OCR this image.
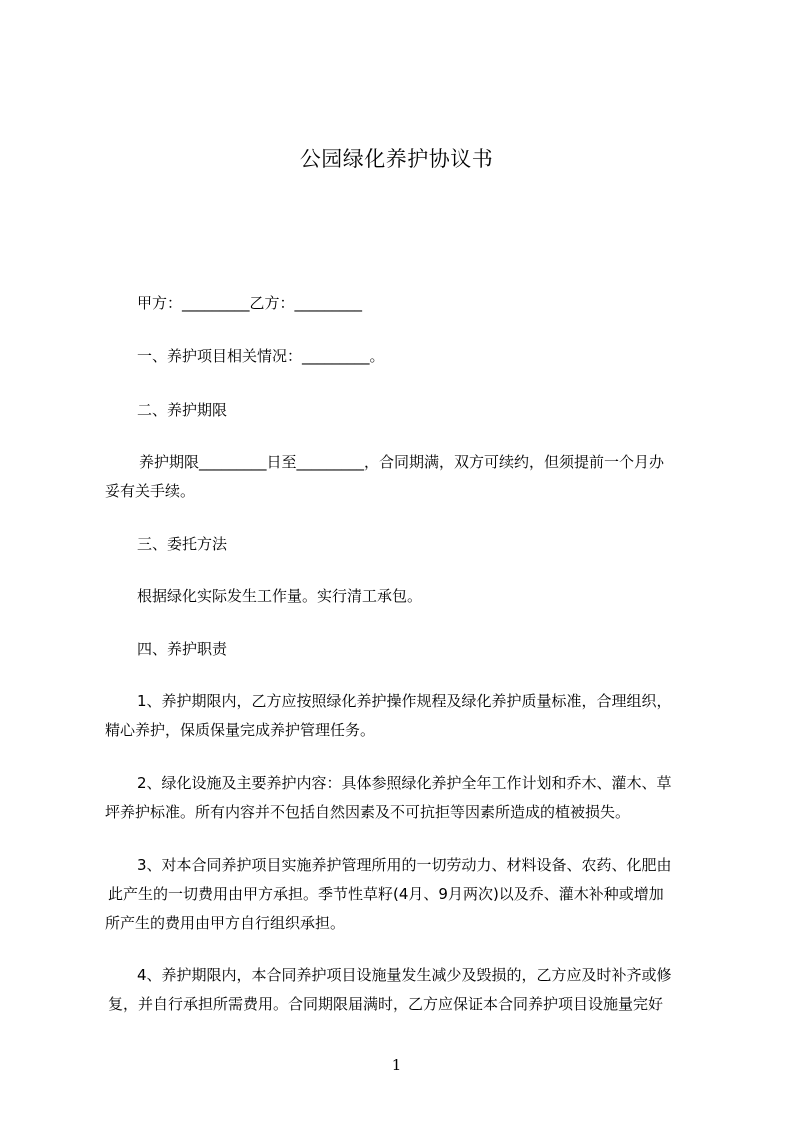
公园绿化养护协议书
甲方：_________乙方：_________
一、养护项目相关情况：_________。
二、养护期限
养护期限_________日至_________，合同期满，双方可续约，但须提前一个月办
妥有关手续。
三、委托方法
根据绿化实际发生工作量。实行清工承包。
四、养护职责
1、养护期限内，乙方应按照绿化养护操作规程及绿化养护质量标准，合理组织，
精心养护，保质保量完成养护管理任务。
2、绿化设施及主要养护内容：具体参照绿化养护全年工作计划和乔木、灌木、草
坪养护标准。所有内容并不包括自然因素及不可抗拒等因素所造成的植被损失。
3、对本合同养护项目实施养护管理所用的一切劳动力、材料设备、农药、化肥由
此产生的一切费用由甲方承担。季节性草籽(4月、9月两次)以及乔、灌木补种或增加
所产生的费用由甲方自行组织承担。
4、养护期限内，本合同养护项目设施量发生减少及毁损的，乙方应及时补齐或修
复，并自行承担所需费用。合同期限届满时，乙方应保证本合同养护项目设施量完好
1
